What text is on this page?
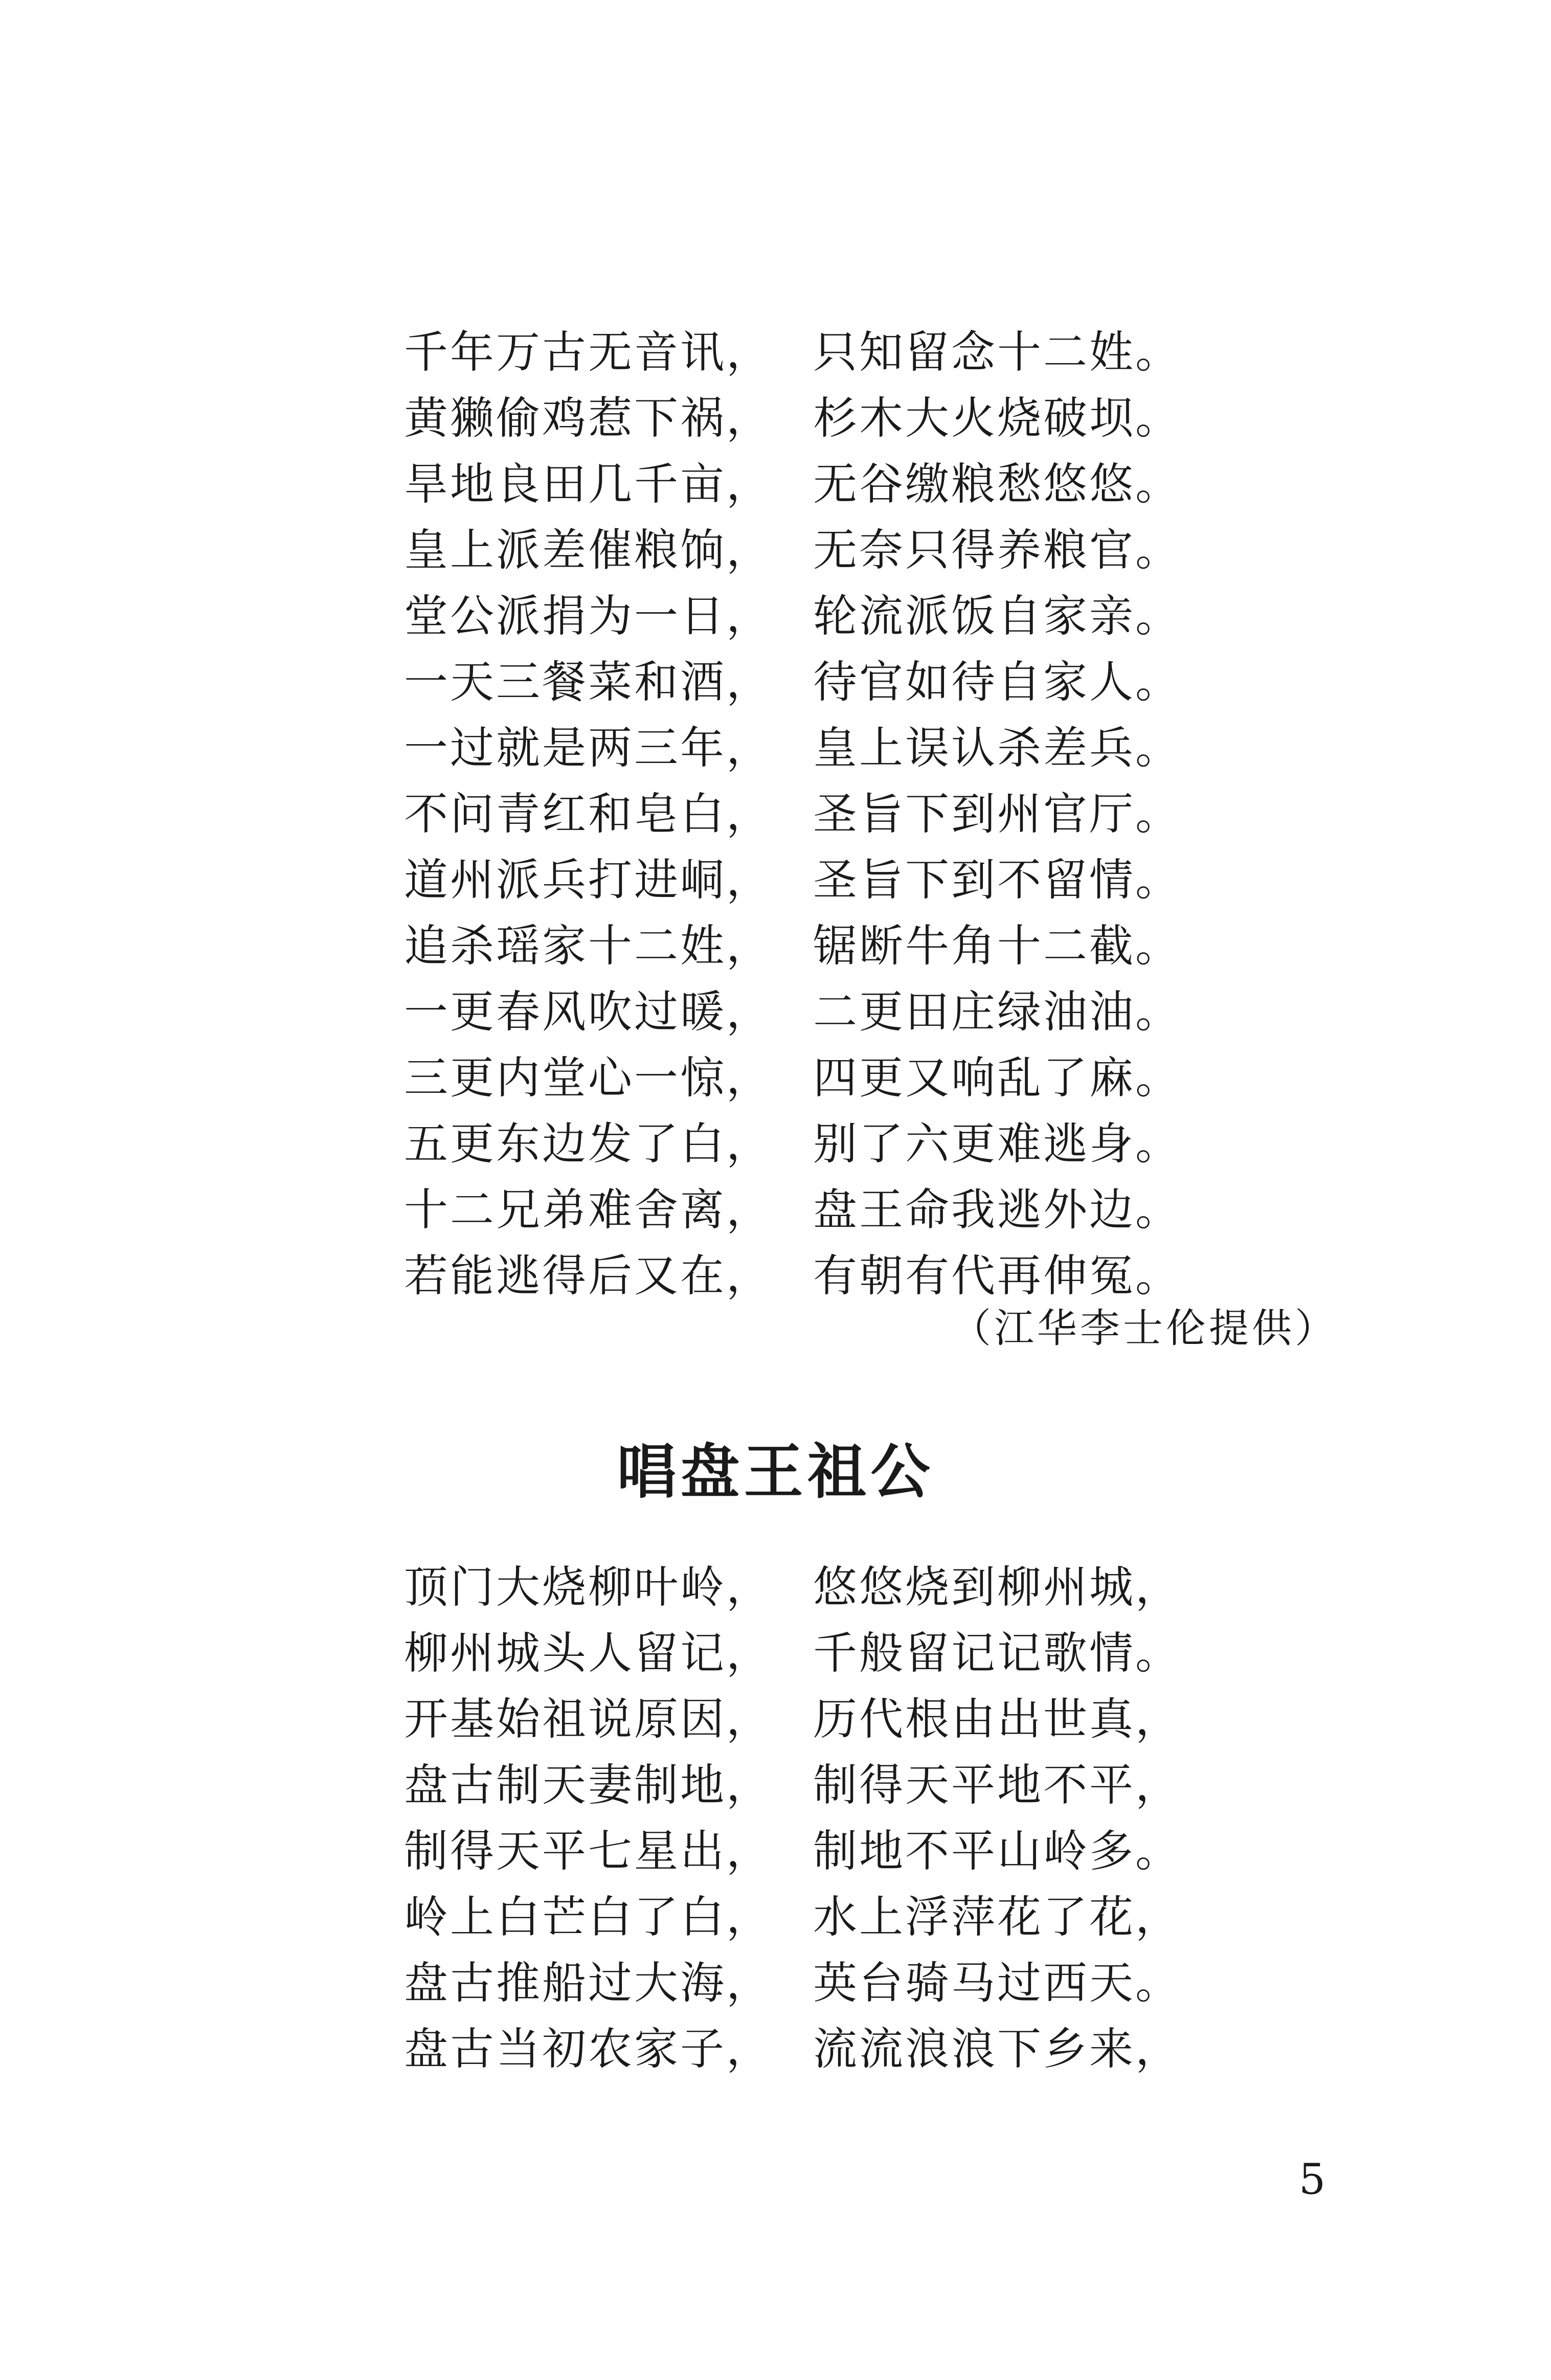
千年万古无音讯， 只知留念十二姓。
黄獭偷鸡惹下祸， 杉木大火烧破坝。
旱地良田几千亩， 无谷缴粮愁悠悠。
皇上派差催粮饷， 无奈只得养粮官。
堂公派捐为一日， 轮流派饭自家亲。
一天三餐菜和酒， 待官如待自家人。
一过就是两三年， 皇上误认杀差兵。
不问青红和皂白， 圣旨下到州官厅。
道州派兵打进峒， 圣旨下到不留情。
追杀瑶家十二姓， 锯断牛角十二截。
一更春风吹过暖， 二更田庄绿油油。
三更内堂心一惊， 四更又响乱了麻。
五更东边发了白， 别了六更难逃身。
十二兄弟难舍离， 盘王命我逃外边。
若能逃得后又在， 有朝有代再伸冤。
（江华李士伦提供）
唱盘王祖公
顶门大烧柳叶岭， 悠悠烧到柳州城，
柳州城头人留记， 千般留记记歌情。
开基始祖说原因， 历代根由出世真，
盘古制天妻制地， 制得天平地不平，
制得天平七星出， 制地不平山岭多。
岭上白芒白了白， 水上浮萍花了花，
盘古推船过大海， 英台骑马过西天。
盘古当初农家子， 流流浪浪下乡来，
5
